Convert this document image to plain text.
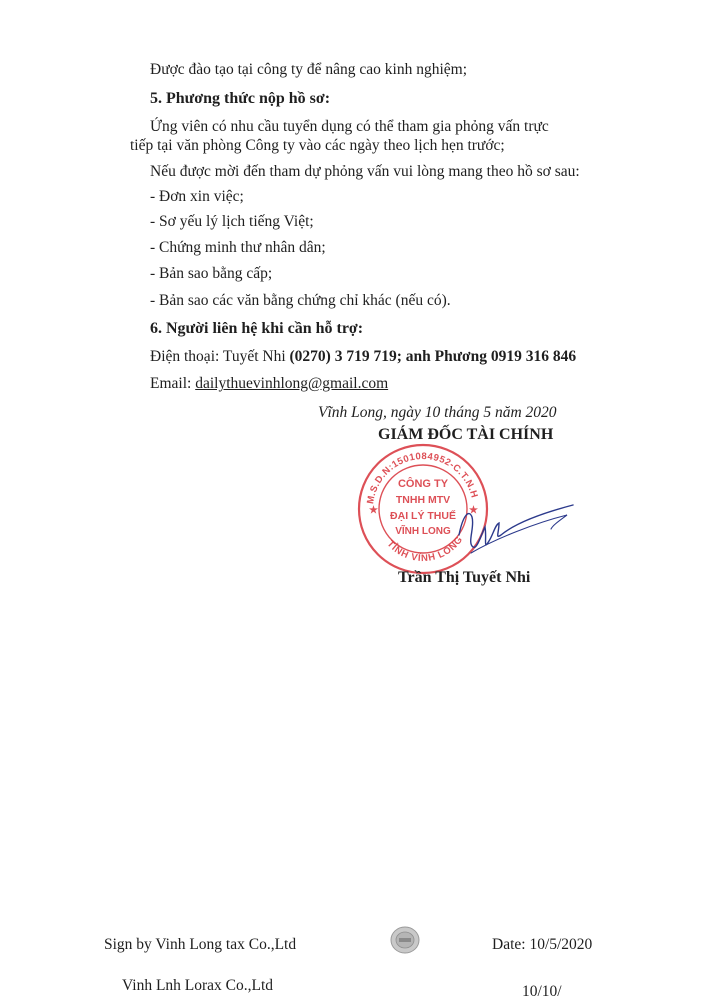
Được đào tạo tại công ty để nâng cao kinh nghiệm;
5. Phương thức nộp hồ sơ:
Ứng viên có nhu cầu tuyển dụng có thể tham gia phỏng vấn trực
tiếp tại văn phòng Công ty vào các ngày theo lịch hẹn trước;
Nếu được mời đến tham dự phỏng vấn vui lòng mang theo hồ sơ sau:
- Đơn xin việc;
- Sơ yếu lý lịch tiếng Việt;
- Chứng minh thư nhân dân;
- Bản sao bằng cấp;
- Bản sao các văn bằng chứng chỉ khác (nếu có).
6. Người liên hệ khi cần hỗ trợ:
Điện thoại: Tuyết Nhi (0270) 3 719 719; anh Phương 0919 316 846
Email: dailythuevinhlong@gmail.com
Vĩnh Long, ngày 10 tháng 5 năm 2020
GIÁM ĐỐC TÀI CHÍNH
M.S.D.N:1501084952-C.T.N.H
TỈNH VĨNH LONG
CÔNG TY
TNHH MTV
ĐẠI LÝ THUẾ
VĨNH LONG
★	★
Trần Thị Tuyết Nhi
Sign by Vinh Long tax Co.,Ltd	Date: 10/5/2020
Vinh Lnh Lorax Co.,Ltd	10/10/
